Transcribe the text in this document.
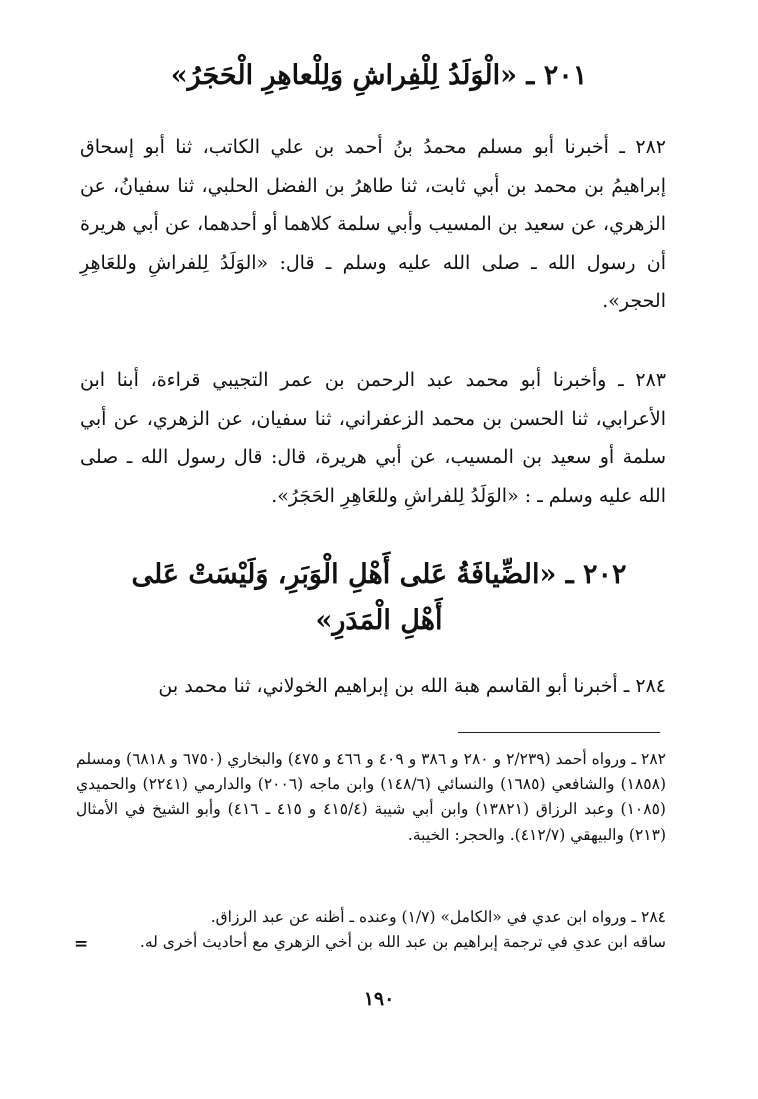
٢٠١ ـ «الْوَلَدُ لِلْفِراشِ وَلِلْعاهِرِ الْحَجَرُ»
٢٨٢ ـ أخبرنا أبو مسلم محمدُ بنُ أحمد بن علي الكاتب، ثنا أبو إسحاق إبراهيمُ بن محمد بن أبي ثابت، ثنا طاهرُ بن الفضل الحلبي، ثنا سفيانُ، عن الزهري، عن سعيد بن المسيب وأبي سلمة كلاهما أو أحدهما، عن أبي هريرة أن رسول الله ـ صلى الله عليه وسلم ـ قال: «الوَلَدُ لِلفراشِ وللعَاهِرِ الحجر».
٢٨٣ ـ وأخبرنا أبو محمد عبد الرحمن بن عمر التجيبي قراءة، أبنا ابن الأعرابي، ثنا الحسن بن محمد الزعفراني، ثنا سفيان، عن الزهري، عن أبي سلمة أو سعيد بن المسيب، عن أبي هريرة، قال: قال رسول الله ـ صلى الله عليه وسلم ـ : «الوَلَدُ لِلفراشِ وللعَاهِرِ الحَجَرُ».
٢٠٢ ـ «الضِّيافَةُ عَلى أَهْلِ الْوَبَرِ، وَلَيْسَتْ عَلى
أَهْلِ الْمَدَرِ»
٢٨٤ ـ أخبرنا أبو القاسم هبة الله بن إبراهيم الخولاني، ثنا محمد بن
٢٨٢ ـ ورواه أحمد (٢/٢٣٩ و ٢٨٠ و ٣٨٦ و ٤٠٩ و ٤٦٦ و ٤٧٥) والبخاري (٦٧٥٠ و ٦٨١٨) ومسلم (١٨٥٨) والشافعي (١٦٨٥) والنسائي (١٤٨/٦) وابن ماجه (٢٠٠٦) والدارمي (٢٢٤١) والحميدي (١٠٨٥) وعبد الرزاق (١٣٨٢١) وابن أبي شيبة (٤١٥/٤ و ٤١٥ ـ ٤١٦) وأبو الشيخ في الأمثال (٢١٣) والبيهقي (٤١٢/٧). والحجر: الخيبة.
٢٨٤ ـ ورواه ابن عدي في «الكامل» (١/٧) وعنده ـ أظنه عن عبد الرزاق.
ساقه ابن عدي في ترجمة إبراهيم بن عبد الله بن أخي الزهري مع أحاديث أخرى له.
=
١٩٠
